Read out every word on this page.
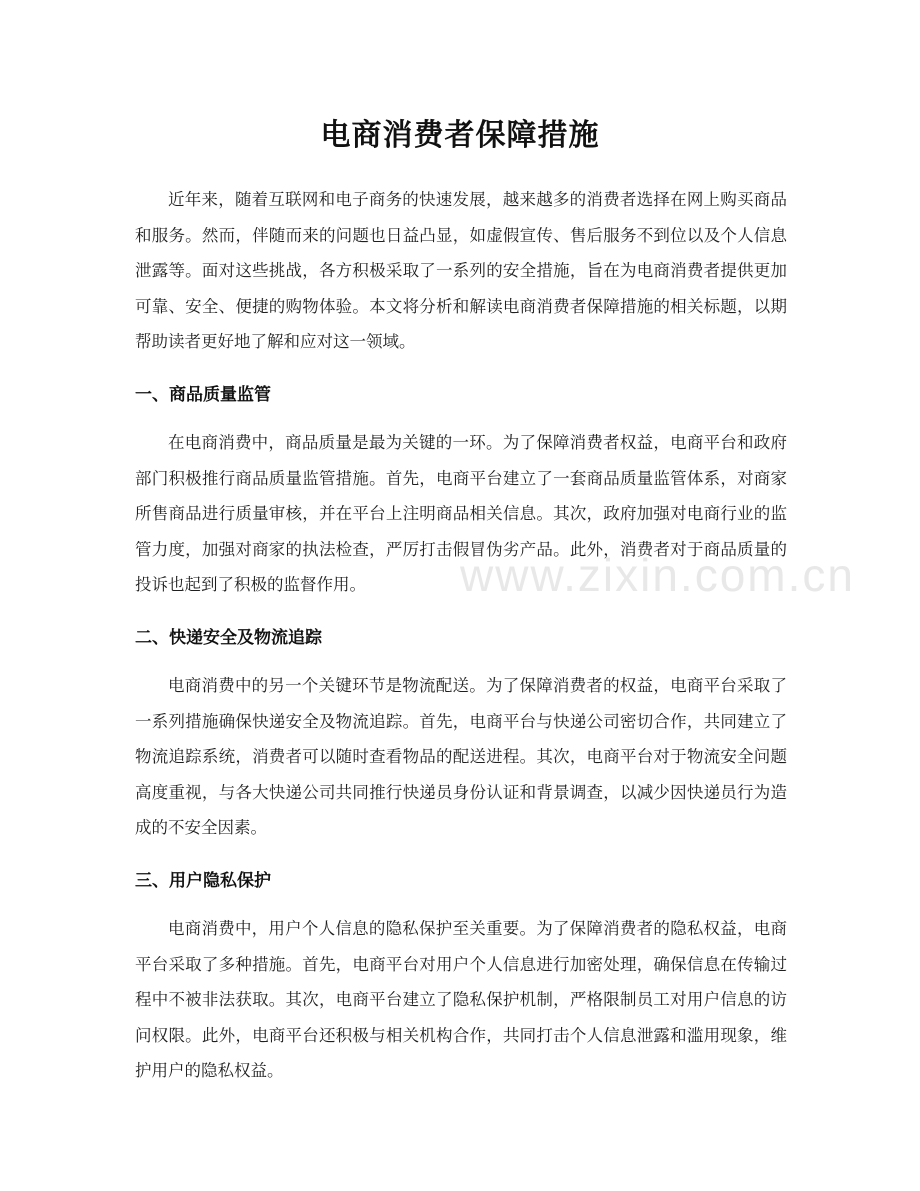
电商消费者保障措施
近年来，随着互联网和电子商务的快速发展，越来越多的消费者选择在网上购买商品和服务。然而，伴随而来的问题也日益凸显，如虚假宣传、售后服务不到位以及个人信息泄露等。面对这些挑战，各方积极采取了一系列的安全措施，旨在为电商消费者提供更加可靠、安全、便捷的购物体验。本文将分析和解读电商消费者保障措施的相关标题，以期帮助读者更好地了解和应对这一领域。
一、商品质量监管
在电商消费中，商品质量是最为关键的一环。为了保障消费者权益，电商平台和政府部门积极推行商品质量监管措施。首先，电商平台建立了一套商品质量监管体系，对商家所售商品进行质量审核，并在平台上注明商品相关信息。其次，政府加强对电商行业的监管力度，加强对商家的执法检查，严厉打击假冒伪劣产品。此外，消费者对于商品质量的投诉也起到了积极的监督作用。
二、快递安全及物流追踪
电商消费中的另一个关键环节是物流配送。为了保障消费者的权益，电商平台采取了一系列措施确保快递安全及物流追踪。首先，电商平台与快递公司密切合作，共同建立了物流追踪系统，消费者可以随时查看物品的配送进程。其次，电商平台对于物流安全问题高度重视，与各大快递公司共同推行快递员身份认证和背景调查，以减少因快递员行为造成的不安全因素。
三、用户隐私保护
电商消费中，用户个人信息的隐私保护至关重要。为了保障消费者的隐私权益，电商平台采取了多种措施。首先，电商平台对用户个人信息进行加密处理，确保信息在传输过程中不被非法获取。其次，电商平台建立了隐私保护机制，严格限制员工对用户信息的访问权限。此外，电商平台还积极与相关机构合作，共同打击个人信息泄露和滥用现象，维护用户的隐私权益。
www.zixin.com.cn
